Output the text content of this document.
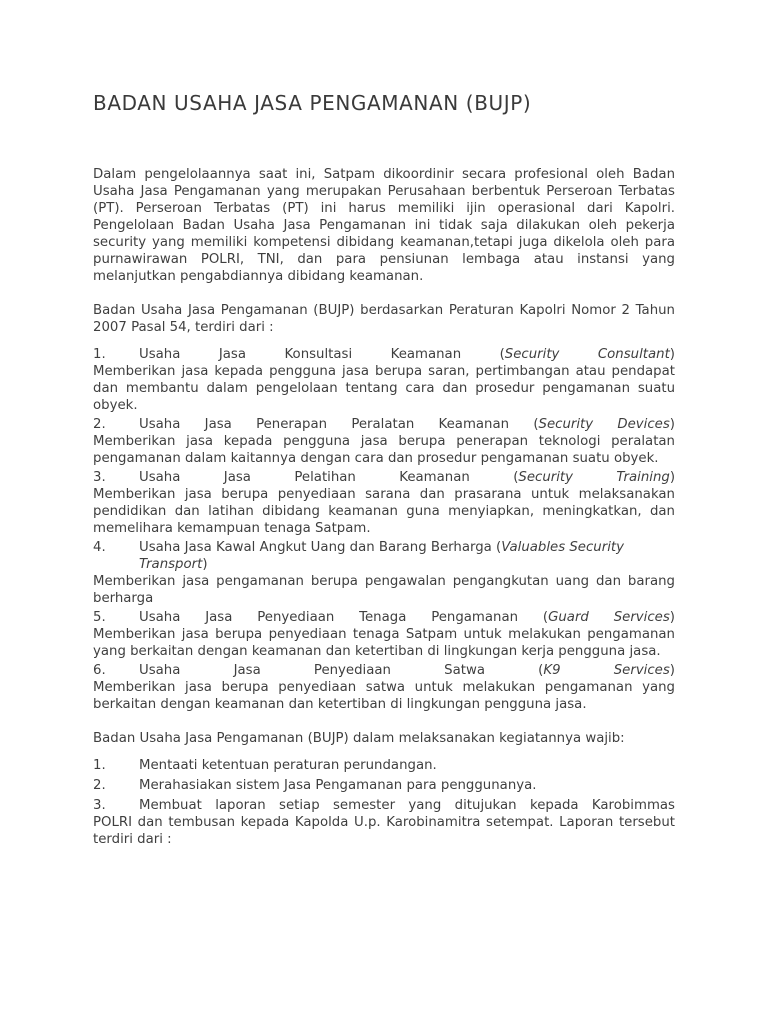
BADAN USAHA JASA PENGAMANAN (BUJP)

Dalam pengelolaannya saat ini, Satpam dikoordinir secara profesional oleh Badan Usaha Jasa Pengamanan yang merupakan Perusahaan berbentuk Perseroan Terbatas (PT). Perseroan Terbatas (PT) ini harus memiliki ijin operasional dari Kapolri. Pengelolaan Badan Usaha Jasa Pengamanan ini tidak saja dilakukan oleh pekerja security yang memiliki kompetensi dibidang keamanan,tetapi juga dikelola oleh para purnawirawan POLRI, TNI, dan para pensiunan lembaga atau instansi yang melanjutkan pengabdiannya dibidang keamanan.

Badan Usaha Jasa Pengamanan (BUJP) berdasarkan Peraturan Kapolri Nomor 2 Tahun 2007 Pasal 54, terdiri dari :

1.	Usaha Jasa Konsultasi Keamanan (Security Consultant)
Memberikan jasa kepada pengguna jasa berupa saran, pertimbangan atau pendapat dan membantu dalam pengelolaan tentang cara dan prosedur pengamanan suatu obyek.
2.	Usaha Jasa Penerapan Peralatan Keamanan (Security Devices)
Memberikan jasa kepada pengguna jasa berupa penerapan teknologi peralatan pengamanan dalam kaitannya dengan cara dan prosedur pengamanan suatu obyek.
3.	Usaha Jasa Pelatihan Keamanan (Security Training)
Memberikan jasa berupa penyediaan sarana dan prasarana untuk melaksanakan pendidikan dan latihan dibidang keamanan guna menyiapkan, meningkatkan, dan memelihara kemampuan tenaga Satpam.
4.	Usaha Jasa Kawal Angkut Uang dan Barang Berharga (Valuables Security Transport)
Memberikan jasa pengamanan berupa pengawalan pengangkutan uang dan barang berharga
5.	Usaha Jasa Penyediaan Tenaga Pengamanan (Guard Services)
Memberikan jasa berupa penyediaan tenaga Satpam untuk melakukan pengamanan yang berkaitan dengan keamanan dan ketertiban di lingkungan kerja pengguna jasa.
6.	Usaha Jasa Penyediaan Satwa (K9 Services)
Memberikan jasa berupa penyediaan satwa untuk melakukan pengamanan yang berkaitan dengan keamanan dan ketertiban di lingkungan pengguna jasa.

Badan Usaha Jasa Pengamanan (BUJP) dalam melaksanakan kegiatannya wajib:

1.	Mentaati ketentuan peraturan perundangan.
2.	Merahasiakan sistem Jasa Pengamanan para penggunanya.
3.	Membuat laporan setiap semester yang ditujukan kepada Karobimmas
POLRI dan tembusan kepada Kapolda U.p. Karobinamitra setempat. Laporan tersebut terdiri dari :
